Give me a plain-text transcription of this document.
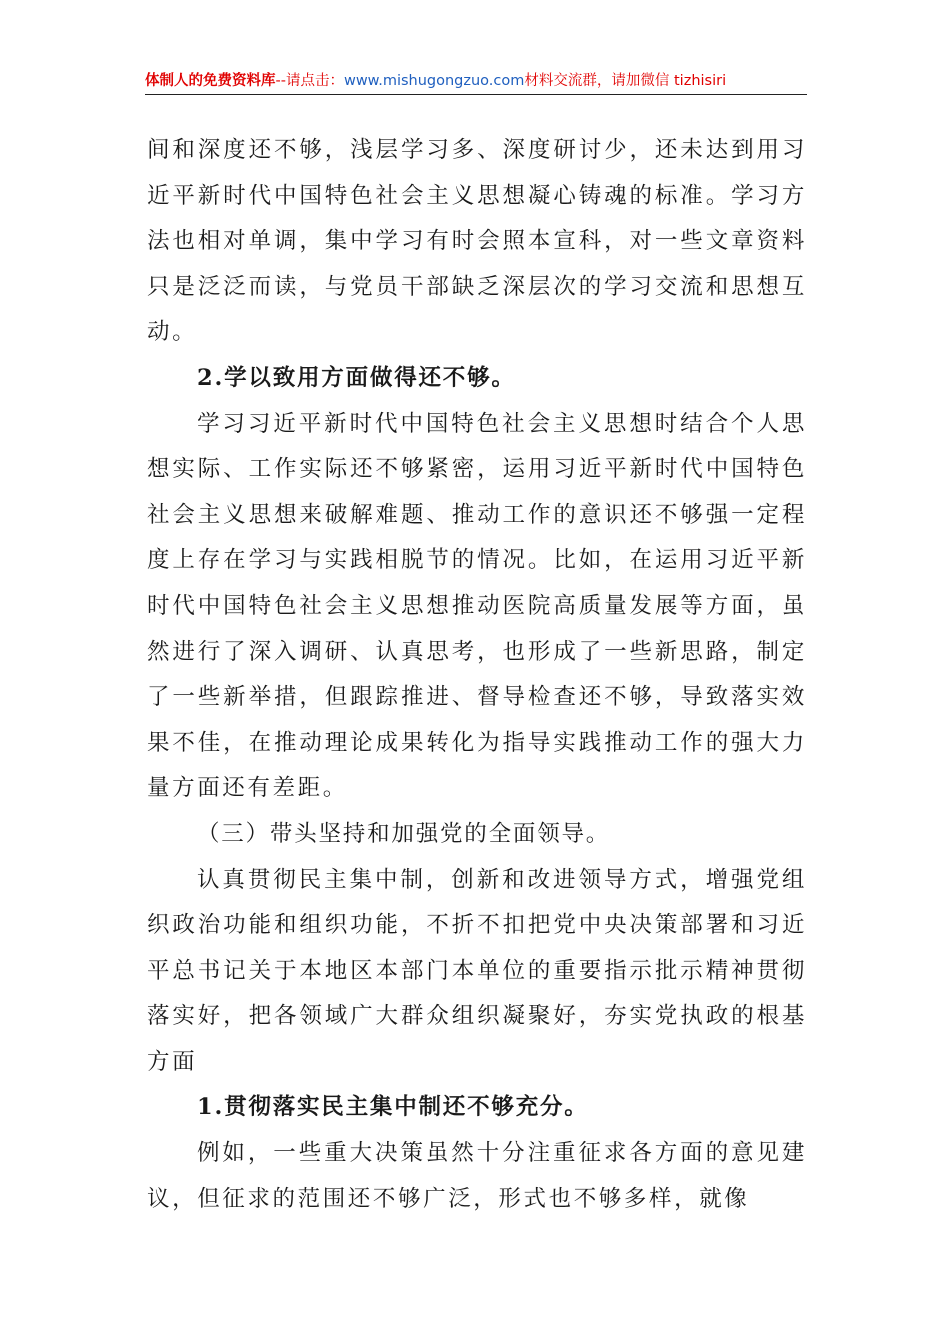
体制人的免费资料库--请点击：www.mishugongzuo.com材料交流群，请加微信 tizhisiri

间和深度还不够，浅层学习多、深度研讨少，还未达到用习近平新时代中国特色社会主义思想凝心铸魂的标准。学习方法也相对单调，集中学习有时会照本宣科，对一些文章资料只是泛泛而读，与党员干部缺乏深层次的学习交流和思想互动。

2.学以致用方面做得还不够。

学习习近平新时代中国特色社会主义思想时结合个人思想实际、工作实际还不够紧密，运用习近平新时代中国特色社会主义思想来破解难题、推动工作的意识还不够强一定程度上存在学习与实践相脱节的情况。比如，在运用习近平新时代中国特色社会主义思想推动医院高质量发展等方面，虽然进行了深入调研、认真思考，也形成了一些新思路，制定了一些新举措，但跟踪推进、督导检查还不够，导致落实效果不佳，在推动理论成果转化为指导实践推动工作的强大力量方面还有差距。

（三）带头坚持和加强党的全面领导。

认真贯彻民主集中制，创新和改进领导方式，增强党组织政治功能和组织功能，不折不扣把党中央决策部署和习近平总书记关于本地区本部门本单位的重要指示批示精神贯彻落实好，把各领域广大群众组织凝聚好，夯实党执政的根基方面

1.贯彻落实民主集中制还不够充分。

例如，一些重大决策虽然十分注重征求各方面的意见建议，但征求的范围还不够广泛，形式也不够多样，就像
